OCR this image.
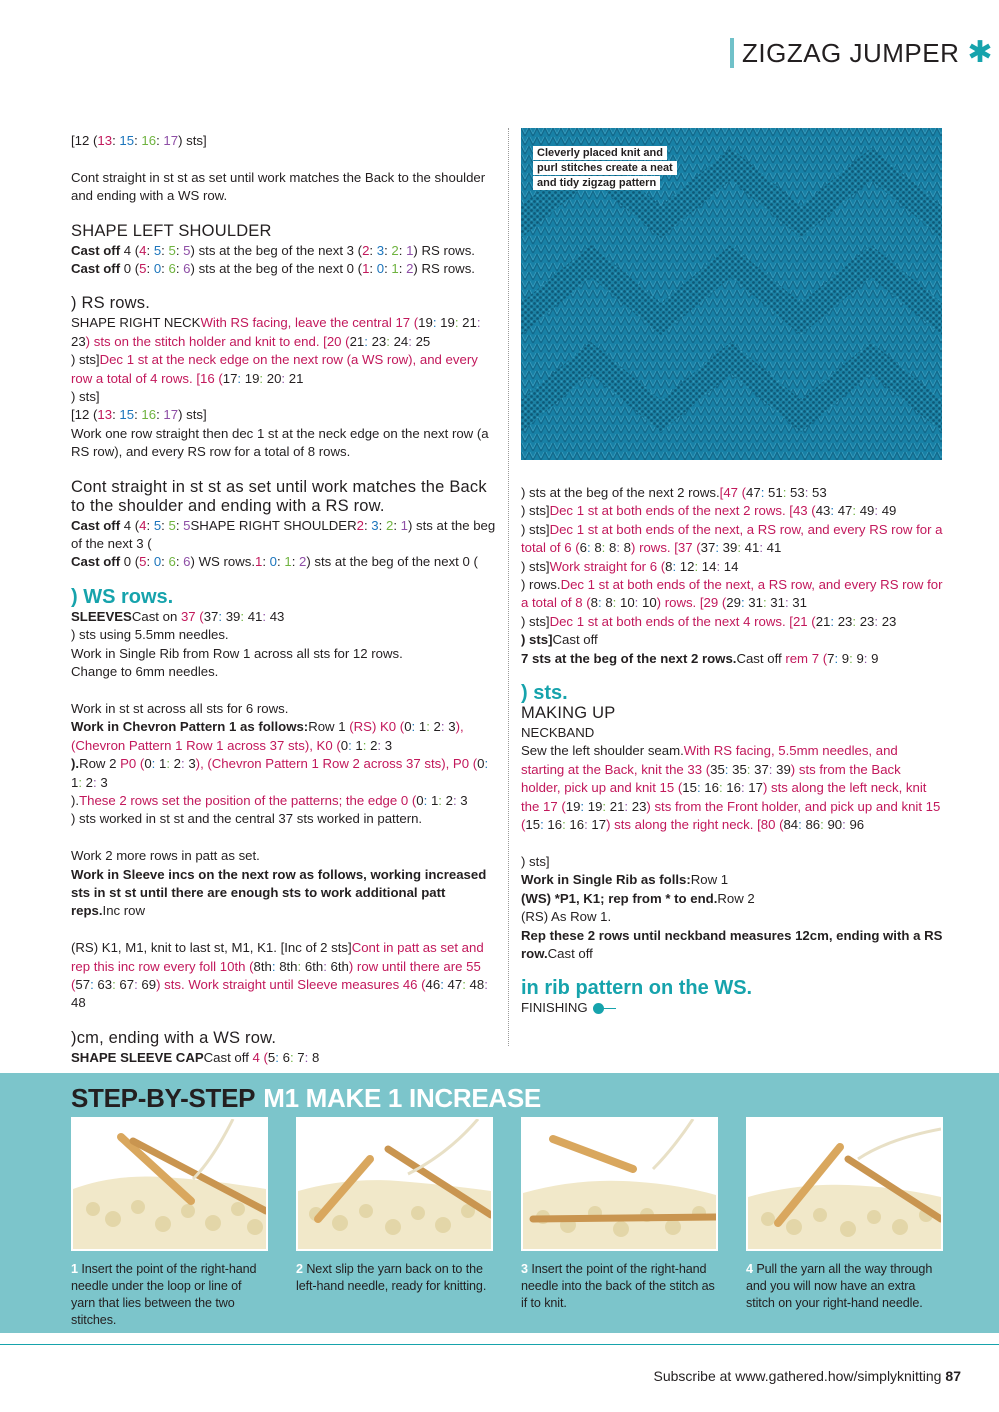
ZIGZAG JUMPER ✱

[12 (13: 15: 16: 17) sts]

Cont straight in st st as set until work matches the Back to the shoulder and ending with a WS row.

SHAPE LEFT SHOULDER

Cast off 4 (4: 5: 5: 5) sts at the beg of the next 3 (2: 3: 2: 1) RS rows.

Cast off 0 (5: 0: 6: 6) sts at the beg of the next 0 (1: 0: 1: 2) RS rows.

) RS rows.

SHAPE RIGHT NECKWith RS facing, leave the central 17 (19: 19: 21: 23) sts on the stitch holder and knit to end. [20 (21: 23: 24: 25

) sts]Dec 1 st at the neck edge on the next row (a WS row), and every row a total of 4 rows. [16 (17: 19: 20: 21

) sts]

[12 (13: 15: 16: 17) sts]

Work one row straight then dec 1 st at the neck edge on the next row (a RS row), and every RS row for a total of 8 rows.

Cont straight in st st as set until work matches the Back to the shoulder and ending with a RS row.

Cast off 4 (4: 5: 5: 5SHAPE RIGHT SHOULDER2: 3: 2: 1) sts at the beg of the next 3 (

Cast off 0 (5: 0: 6: 6) WS rows.1: 0: 1: 2) sts at the beg of the next 0 (

) WS rows.

SLEEVESCast on 37 (37: 39: 41: 43

) sts using 5.5mm needles.

Work in Single Rib from Row 1 across all sts for 12 rows.

Change to 6mm needles.

Work in st st across all sts for 6 rows.

Work in Chevron Pattern 1 as follows:Row 1 (RS) K0 (0: 1: 2: 3), (Chevron Pattern 1 Row 1 across 37 sts), K0 (0: 1: 2: 3

).Row 2 P0 (0: 1: 2: 3), (Chevron Pattern 1 Row 2 across 37 sts), P0 (0: 1: 2: 3

).These 2 rows set the position of the patterns; the edge 0 (0: 1: 2: 3

) sts worked in st st and the central 37 sts worked in pattern.

Work 2 more rows in patt as set.

Work in Sleeve incs on the next row as follows, working increased sts in st st until there are enough sts to work additional patt reps.Inc row

(RS) K1, M1, knit to last st, M1, K1. [Inc of 2 sts]Cont in patt as set and rep this inc row every foll 10th (8th: 8th: 6th: 6th) row until there are 55 (57: 63: 67: 69) sts. Work straight until Sleeve measures 46 (46: 47: 48: 48

)cm, ending with a WS row.

SHAPE SLEEVE CAPCast off 4 (5: 6: 7: 8

Cleverly placed knit and
purl stitches create a neat
and tidy zigzag pattern

) sts at the beg of the next 2 rows.[47 (47: 51: 53: 53

) sts]Dec 1 st at both ends of the next 2 rows. [43 (43: 47: 49: 49

) sts]Dec 1 st at both ends of the next, a RS row, and every RS row for a total of 6 (6: 8: 8: 8) rows. [37 (37: 39: 41: 41

) sts]Work straight for 6 (8: 12: 14: 14

) rows.Dec 1 st at both ends of the next, a RS row, and every RS row for a total of 8 (8: 8: 10: 10) rows. [29 (29: 31: 31: 31

) sts]Dec 1 st at both ends of the next 4 rows. [21 (21: 23: 23: 23

) sts]Cast off

7 sts at the beg of the next 2 rows.Cast off rem 7 (7: 9: 9: 9

) sts.
MAKING UP

NECKBAND

Sew the left shoulder seam.With RS facing, 5.5mm needles, and starting at the Back, knit the 33 (35: 35: 37: 39) sts from the Back holder, pick up and knit 15 (15: 16: 16: 17) sts along the left neck, knit the 17 (19: 19: 21: 23) sts from the Front holder, and pick up and knit 15 (15: 16: 16: 17) sts along the right neck. [80 (84: 86: 90: 96

) sts]

Work in Single Rib as folls:Row 1

(WS) *P1, K1; rep from * to end.Row 2

(RS) As Row 1.

Rep these 2 rows until neckband measures 12cm, ending with a RS row.Cast off

in rib pattern on the WS.

FINISHING

STEP-BY-STEP M1 MAKE 1 INCREASE
1 Insert the point of the right-hand needle under the loop or line of yarn that lies between the two stitches.
2 Next slip the yarn back on to the left-hand needle, ready for knitting.
3 Insert the point of the right-hand needle into the back of the stitch as if to knit.
4 Pull the yarn all the way through and you will now have an extra stitch on your right-hand needle.
Subscribe at www.gathered.how/simplyknitting 87
